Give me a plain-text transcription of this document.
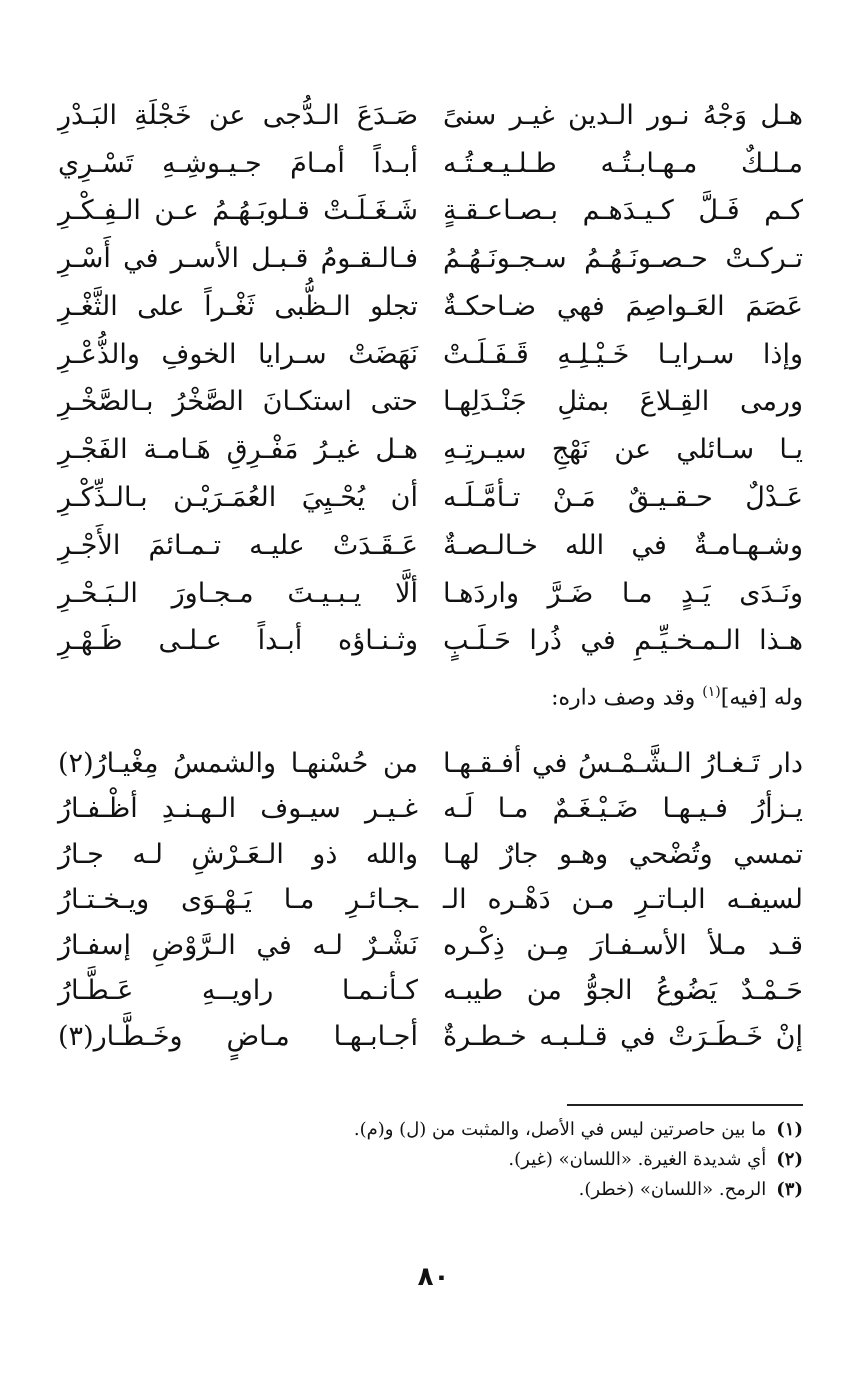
هـل وَجْهُ نـور الـدين غيـر سنىً
صَـدَعَ الـدُّجى عن خَجْلَةِ البَـدْرِ
مـلـكٌ مـهـابـتُـه طـلـيـعـتُـه
أبـداً أمـامَ جـيـوشِـهِ تَسْـرِي
كـم فَـلَّ كـيـدَهـم بـصـاعـقـةٍ
شَـغَـلَـتْ قـلوبَـهُـمُ عـن الـفِـكْـرِ
تـركـتْ حـصـونَـهُـمُ سـجـونَـهُـمُ
فـالـقـومُ قـبـل الأسـر في أَسْـرِ
عَصَمَ العَـواصِمَ فهي ضـاحكـةٌ
تجلو الـظُّبى ثَغْـراً على الثَّغْـرِ
وإذا سـرايـا خَـيْـلِـهِ قَـفَـلَـتْ
نَهَضَتْ سـرايا الخوفِ والذُّعْـرِ
ورمى القِـلاعَ بمثلِ جَنْـدَلِهـا
حتى استكـانَ الصَّخْرُ بـالصَّخْـرِ
يـا سـائلي عن نَهْجِ سيـرتِـهِ
هـل غيـرُ مَفْـرِقِ هَـامـة الفَجْـرِ
عَـدْلٌ حـقـيـقٌ مَـنْ تـأمَّـلَـه
أن يُحْـيِيَ العُمَـرَيْـن بـالـذِّكْـرِ
وشـهـامـةٌ في الله خـالـصـةٌ
عَـقَـدَتْ عليـه تـمـائمَ الأَجْـرِ
ونَـدَى يَـدٍ مـا ضَـرَّ واردَهـا
ألَّا يـبـيـتَ مـجـاورَ الـبَـحْـرِ
هـذا الـمـخـيِّـمِ في ذُرا حَـلَـبٍ
وثـنـاؤه أبـداً عـلـى ظَـهْـرِ
وله [فيه]$^{(١)}$ وقد وصف داره:
دار تَـغـارُ الـشَّـمْـسُ في أفـقـهـا
من حُسْنهـا والشمسُ مِغْيـارُ(٢)
يـزأرُ فـيـهـا ضَـيْـغَـمٌ مـا لَـه
غـيـر سيـوف الـهـنـدِ أظْـفـارُ
تمسي وتُضْحي وهـو جارٌ لهـا
والله ذو الـعَـرْشِ لـه جـارُ
لسيفـه البـاتـرِ مـن دَهْـره الـ
ـجـائـرِ مـا يَـهْـوَى ويـخـتـارُ
قـد مـلأ الأسـفـارَ مِـن ذِكْـره
نَشْـرٌ لـه في الـرَّوْضِ إسفـارُ
حَـمْـدٌ يَضُوعُ الجوُّ من طيبـه
كـأنـمـا راويــهِ عَـطَّـارُ
إنْ خَـطَـرَتْ في قـلـبـه خـطـرةٌ
أجـابـهـا مـاضٍ وخَـطَّـار(٣)
(١)
ما بين حاصرتين ليس في الأصل، والمثبت من (ل) و(م).
(٢)
أي شديدة الغيرة. «اللسان» (غير).
(٣)
الرمح. «اللسان» (خطر).
٨٠
